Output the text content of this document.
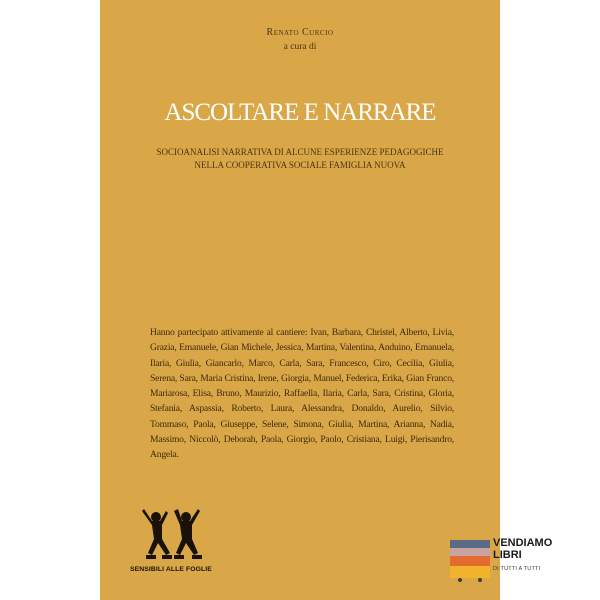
Renato Curcio
a cura di
ASCOLTARE E NARRARE
SOCIOANALISI NARRATIVA DI ALCUNE ESPERIENZE PEDAGOGICHE
NELLA COOPERATIVA SOCIALE FAMIGLIA NUOVA
Hanno partecipato attivamente al cantiere: Ivan, Barbara, Christel, Alberto, Livia, Grazia, Emanuele, Gian Michele, Jessica, Martina, Valentina, Anduino, Emanuela, Ilaria, Giulia, Giancarlo, Marco, Carla, Sara, Francesco, Ciro, Cecilia, Giulia, Serena, Sara, Maria Cristina, Irene, Giorgia, Manuel, Federica, Erika, Gian Franco, Mariarosa, Elisa, Bruno, Maurizio, Raffaella, Ilaria, Carla, Sara, Cristina, Gloria, Stefania, Aspassia, Roberto, Laura, Alessandra, Donaldo, Aurelio, Silvio, Tommaso, Paola, Giuseppe, Selene, Simona, Giulia, Martina, Arianna, Nadia, Massimo, Niccolò, Deborah, Paola, Giorgio, Paolo, Cristiana, Luigi, Pierisandro, Angela.
SENSIBILI ALLE FOGLIE
VENDIAMO
LIBRI
DI TUTTI A TUTTI
